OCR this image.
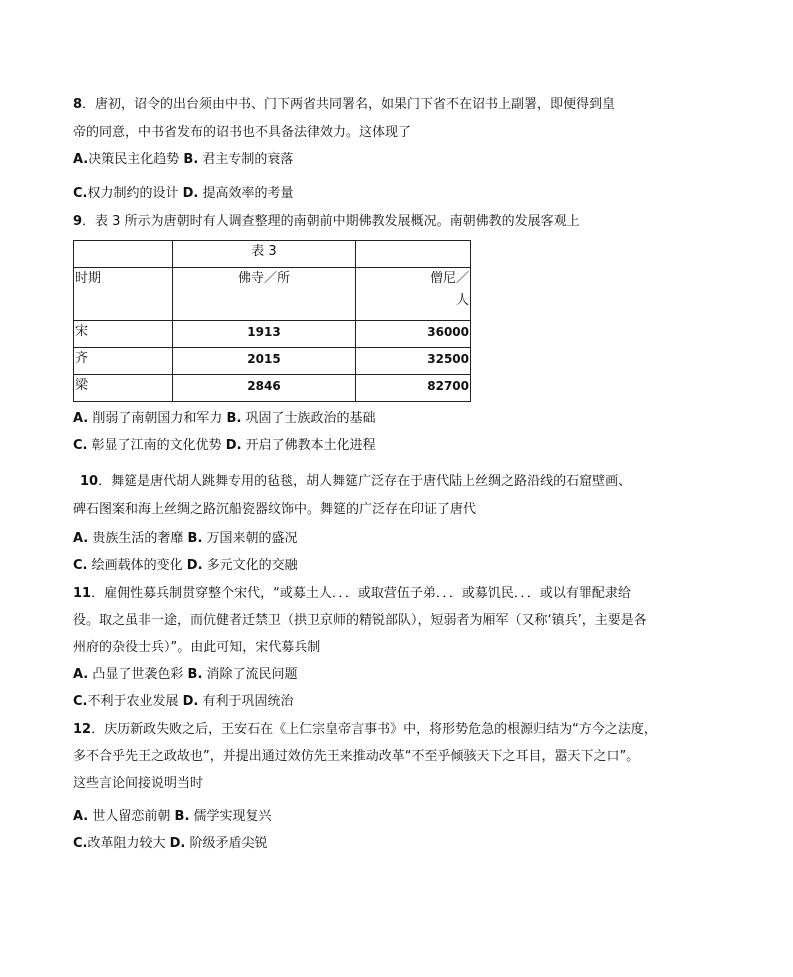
8．唐初，诏令的出台须由中书、门下两省共同署名，如果门下省不在诏书上副署，即便得到皇
帝的同意，中书省发布的诏书也不具备法律效力。这体现了
A.决策民主化趋势 B. 君主专制的衰落
C.权力制约的设计 D. 提高效率的考量
9．表 3 所示为唐朝时有人调查整理的南朝前中期佛教发展概况。南朝佛教的发展客观上
	表 3	
时期	佛寺／所	僧尼／
人

宋	1913	36000
齐	2015	32500
梁	2846	82700
A. 削弱了南朝国力和军力 B. 巩固了士族政治的基础
C. 彰显了江南的文化优势 D. 开启了佛教本土化进程
10．舞筵是唐代胡人跳舞专用的毡毯，胡人舞筵广泛存在于唐代陆上丝绸之路沿线的石窟壁画、
碑石图案和海上丝绸之路沉船瓷器纹饰中。舞筵的广泛存在印证了唐代
A. 贵族生活的奢靡 B. 万国来朝的盛况
C. 绘画载体的变化 D. 多元文化的交融
11．雇佣性募兵制贯穿整个宋代，“或募土人．．．或取营伍子弟．．．或募饥民．．．或以有罪配隶给
役。取之虽非一途，而伉健者迁禁卫（拱卫京师的精锐部队），短弱者为厢军（又称‘镇兵’，主要是各
州府的杂役士兵）”。由此可知，宋代募兵制
A. 凸显了世袭色彩 B. 消除了流民问题
C.不利于农业发展 D. 有利于巩固统治
12．庆历新政失败之后，王安石在《上仁宗皇帝言事书》中，将形势危急的根源归结为“方今之法度，
多不合乎先王之政故也”，并提出通过效仿先王来推动改革“不至乎倾骇天下之耳目，嚣天下之口”。
这些言论间接说明当时
A. 世人留恋前朝 B. 儒学实现复兴
C.改革阻力较大 D. 阶级矛盾尖锐
